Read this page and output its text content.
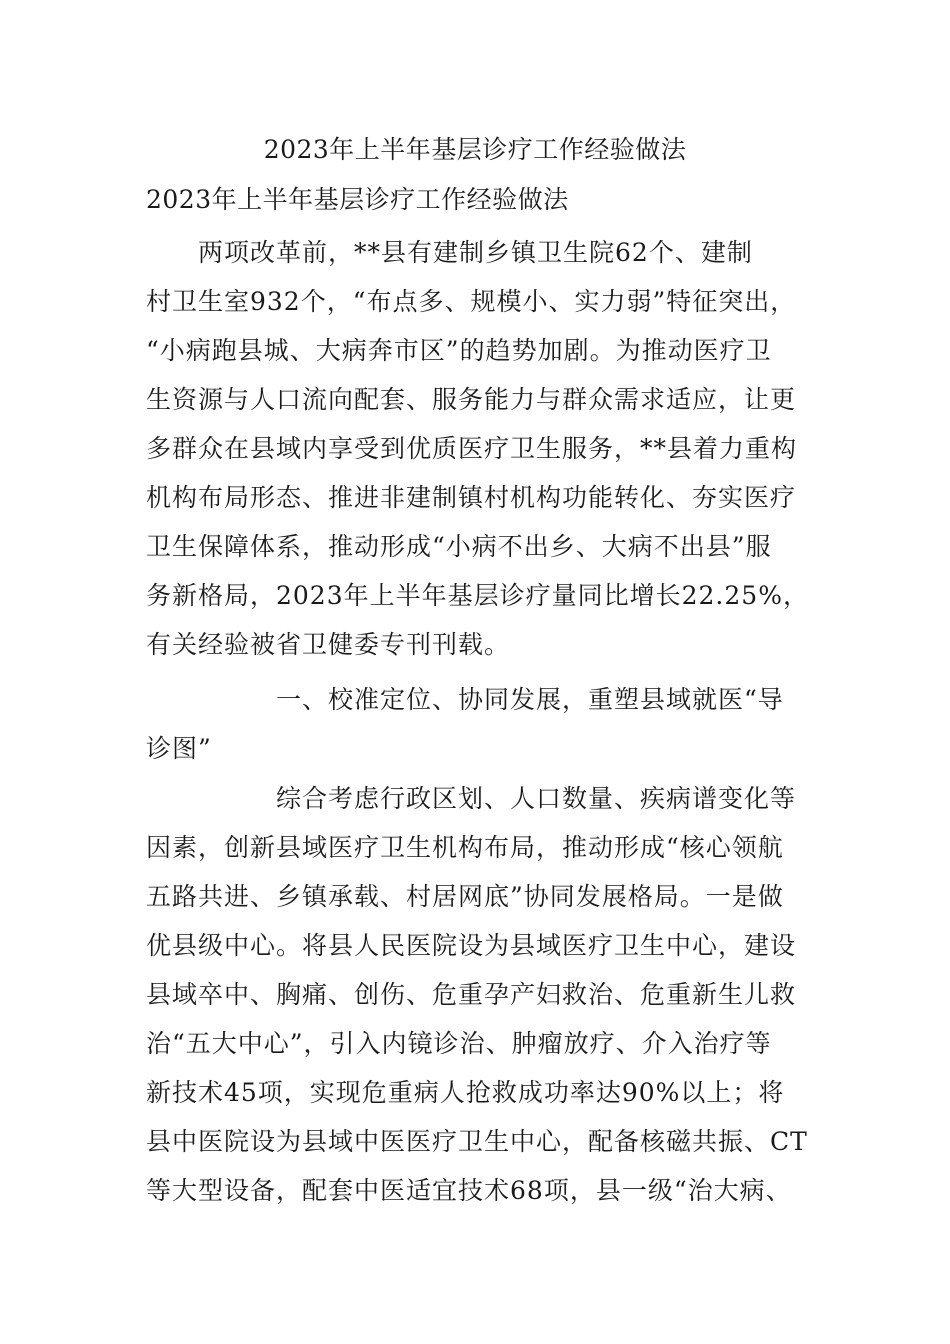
2023年上半年基层诊疗工作经验做法
2023年上半年基层诊疗工作经验做法

　　两项改革前，**县有建制乡镇卫生院62个、建制
村卫生室932个，“布点多、规模小、实力弱”特征突出，
“小病跑县城、大病奔市区”的趋势加剧。为推动医疗卫
生资源与人口流向配套、服务能力与群众需求适应，让更
多群众在县域内享受到优质医疗卫生服务，**县着力重构
机构布局形态、推进非建制镇村机构功能转化、夯实医疗
卫生保障体系，推动形成“小病不出乡、大病不出县”服
务新格局，2023年上半年基层诊疗量同比增长22.25%，
有关经验被省卫健委专刊刊载。

　　　　　一、校准定位、协同发展，重塑县域就医“导
诊图”

　　　　　综合考虑行政区划、人口数量、疾病谱变化等
因素，创新县域医疗卫生机构布局，推动形成“核心领航
五路共进、乡镇承载、村居网底”协同发展格局。一是做
优县级中心。将县人民医院设为县域医疗卫生中心，建设
县域卒中、胸痛、创伤、危重孕产妇救治、危重新生儿救
治“五大中心”，引入内镜诊治、肿瘤放疗、介入治疗等
新技术45项，实现危重病人抢救成功率达90%以上；将
县中医院设为县域中医医疗卫生中心，配备核磁共振、CT
等大型设备，配套中医适宜技术68项，县一级“治大病、
